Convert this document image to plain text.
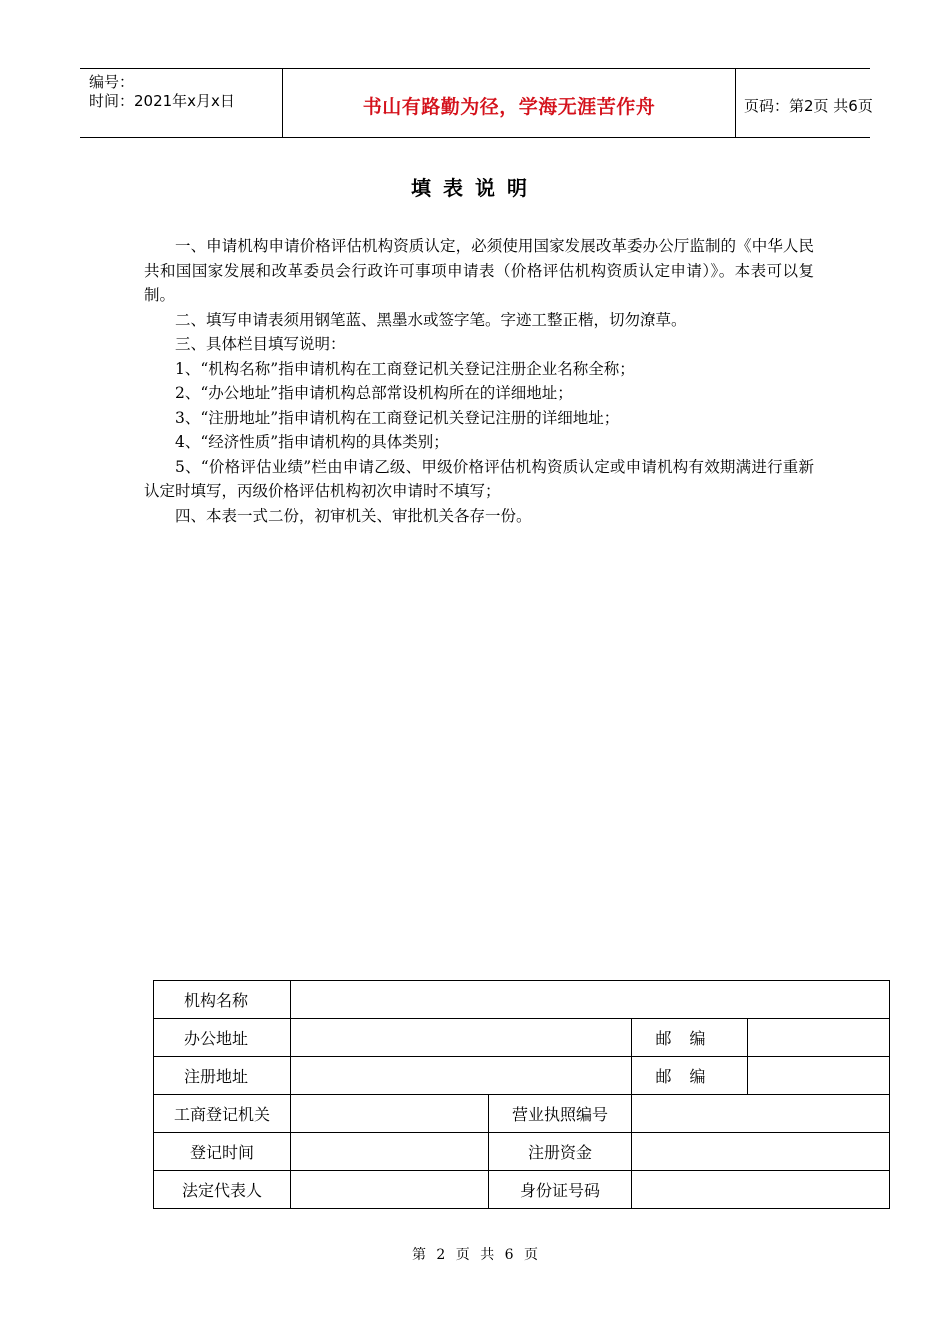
编号：
时间：2021年x月x日	书山有路勤为径，学海无涯苦作舟	页码：第2页 共6页
填表说明

一、申请机构申请价格评估机构资质认定，必须使用国家发展改革委办公厅监制的《中华人民共和国国家发展和改革委员会行政许可事项申请表（价格评估机构资质认定申请）》。本表可以复制。

二、填写申请表须用钢笔蓝、黑墨水或签字笔。字迹工整正楷，切勿潦草。

三、具体栏目填写说明：

1、“机构名称”指申请机构在工商登记机关登记注册企业名称全称；

2、“办公地址”指申请机构总部常设机构所在的详细地址；

3、“注册地址”指申请机构在工商登记机关登记注册的详细地址；

4、“经济性质”指申请机构的具体类别；

5、“价格评估业绩”栏由申请乙级、甲级价格评估机构资质认定或申请机构有效期满进行重新认定时填写，丙级价格评估机构初次申请时不填写；

四、本表一式二份，初审机关、审批机关各存一份。

机构名称				
办公地址			邮编	
注册地址			邮编	
工商登记机关		营业执照编号		
登记时间		注册资金		
法定代表人		身份证号码		
第 2 页 共 6 页
